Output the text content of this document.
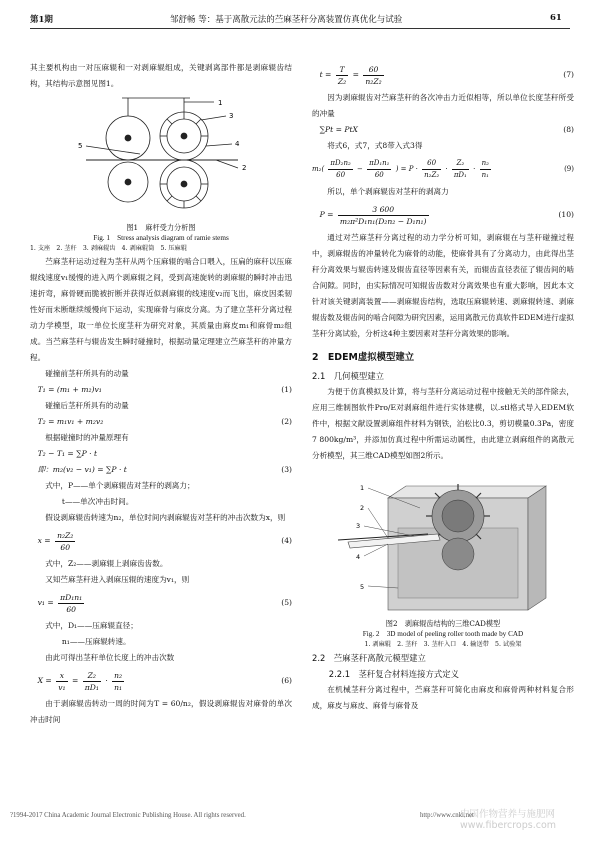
第1期	邹舒畅 等：基于离散元法的苎麻茎秆分离装置仿真优化与试验	61

其主要机构由一对压麻辊和一对剥麻辊组成，关键剥离部件都是剥麻辊齿结构，其结构示意图见图1。

1
2
3
4
5

图1　麻杆受力分析图

Fig. 1　Stress analysis diagram of ramie stems

1. 支座　2. 茎秆　3. 剥麻辊齿　4. 剥麻辊筒　5. 压麻辊

苎麻茎秆运动过程为茎秆从两个压麻辊的啮合口喂入，压扁的麻秆以压麻辊线速度v₁缓慢的进入两个剥麻辊之间，受到高速旋转的剥麻辊的瞬时冲击迅速折弯，麻骨硬而脆被折断并获得近似剥麻辊的线速度v₂而飞出，麻皮因柔韧性好而未断继续缓慢向下运动，实现麻骨与麻皮分离。为了建立茎秆分离过程动力学模型，取一单位长度茎秆为研究对象，其质量由麻皮m₁和麻骨m₂组成。当苎麻茎秆与辊齿发生瞬时碰撞时，根据动量定理建立苎麻茎秆的冲量方程。

碰撞前茎秆所具有的动量

T₁ = (m₁ + m₂)v₁	(1)

碰撞后茎秆所具有的动量

T₂ = m₁v₁ + m₂v₂	(2)

根据碰撞时的冲量原理有

T₂ − T₁ = ∑P · t
即：m₂(v₂ − v₁) = ∑P · t	(3)

式中，P——单个剥麻辊齿对茎秆的剥离力；

t——单次冲击时间。

假设剥麻辊齿转速为n₂，单位时间内剥麻辊齿对茎秆的冲击次数为x，则

$x = \frac{\text{n₂Z₂}}{60}$	(4)

式中，Z₂——剥麻辊上剥麻齿齿数。

又知苎麻茎秆进入剥麻压辊的速度为v₁，则

$v_1 = \frac{\text{πD₁n₁}}{60}$	(5)

式中，D₁——压麻辊直径；

n₁——压麻辊转速。

由此可得出茎秆单位长度上的冲击次数

$X = \frac{x}{\text{v₁}} = \frac{\text{Z₂}}{\text{πD₁}} \cdot \frac{\text{n₂}}{\text{n₁}}$	(6)

由于剥麻辊齿转动一周的时间为T = 60/n₂，假设剥麻辊齿对麻骨的单次冲击时间

$t = \frac{T}{\text{Z₂}} = \frac{60}{\text{n₂Z₂}}$	(7)

因为剥麻辊齿对苎麻茎秆的各次冲击力近似相等，所以单位长度茎秆所受的冲量

∑Pt = PtX	(8)

将式6，式7，式8带入式3得

$m_2( \frac{\text{πD₂n₂}}{60} - \frac{\text{πD₁n₁}}{60}$ ) = $P \cdot \frac{60}{\text{n₂Z₂}} \cdot \frac{\text{Z₂}}{\text{πD₁}} \cdot \frac{\text{n₂}}{\text{n₁}}$	(9)

所以，单个剥麻辊齿对茎秆的剥离力

$P = \frac{3 600}{\text{m₂π²D₁n₁(D₂n₂ − D₁n₁)}}$	(10)

通过对苎麻茎秆分离过程的动力学分析可知，剥麻辊在与茎秆碰撞过程中，剥麻辊齿的冲量转化为麻骨的动能，使麻骨具有了分离动力，由此得出茎秆分离效果与辊齿转速及辊齿直径等因素有关，而辊齿直径表征了辊齿间的啮合间隙。同时，由实际情况可知辊齿齿数对分离效果也有重大影响，因此本文针对该关键剥离装置——剥麻辊齿结构，选取压麻辊转速、剥麻辊转速、剥麻辊齿数及辊齿间的啮合间隙为研究因素，运用离散元仿真软件EDEM进行虚拟茎秆分离试验，分析这4种主要因素对茎秆分离效果的影响。

2　EDEM虚拟模型建立

2.1　几何模型建立

为便于仿真模拟及计算，将与茎秆分离运动过程中接触无关的部件除去，应用三维制图软件Pro/E对剥麻组件进行实体建模，以.stl格式导入EDEM软件中，根据文献设置剥麻组件材料为钢铁，泊松比0.3，剪切模量0.3Pa，密度7 800kg/m³，并添加仿真过程中所需运动属性，由此建立剥麻组件的离散元分析模型，其三维CAD模型如图2所示。

1
2
3
4
5

图2　剥麻辊齿结构的三维CAD模型

Fig. 2　3D model of peeling roller tooth made by CAD

1. 剥麻辊　2. 茎秆　3. 茎秆入口　4. 输送带　5. 试验架

2.2　苎麻茎秆离散元模型建立

2.2.1　茎秆复合材料连接方式定义

在机械茎秆分离过程中，苎麻茎秆可简化由麻皮和麻骨两种材料复合形成，麻皮与麻皮、麻骨与麻骨及

中国作物营养与施肥网 www.fibercrops.com
?1994-2017 China Academic Journal Electronic Publishing House. All rights reserved.	http://www.cnki.net
